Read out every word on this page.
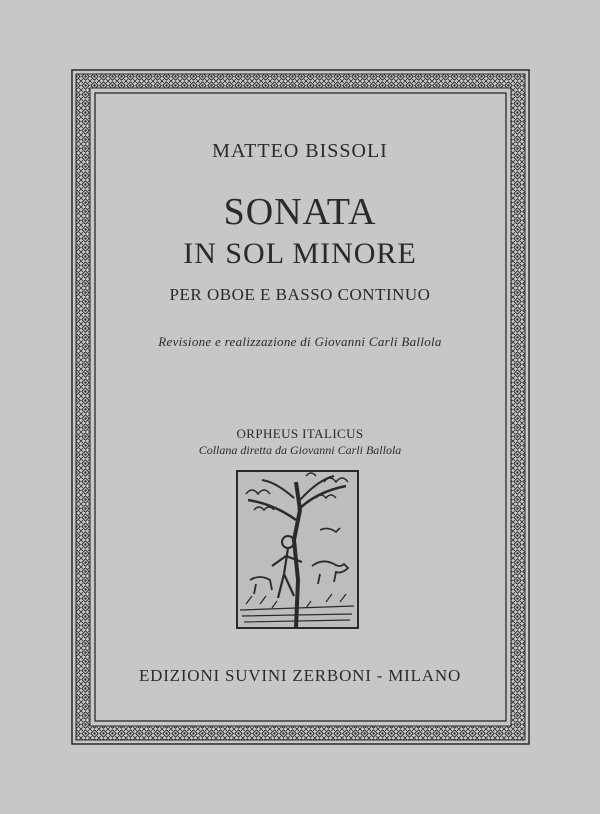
MATTEO BISSOLI
SONATA
IN SOL MINORE
PER OBOE E BASSO CONTINUO
Revisione e realizzazione di Giovanni Carli Ballola
ORPHEUS ITALICUS
Collana diretta da Giovanni Carli Ballola
EDIZIONI SUVINI ZERBONI - MILANO
